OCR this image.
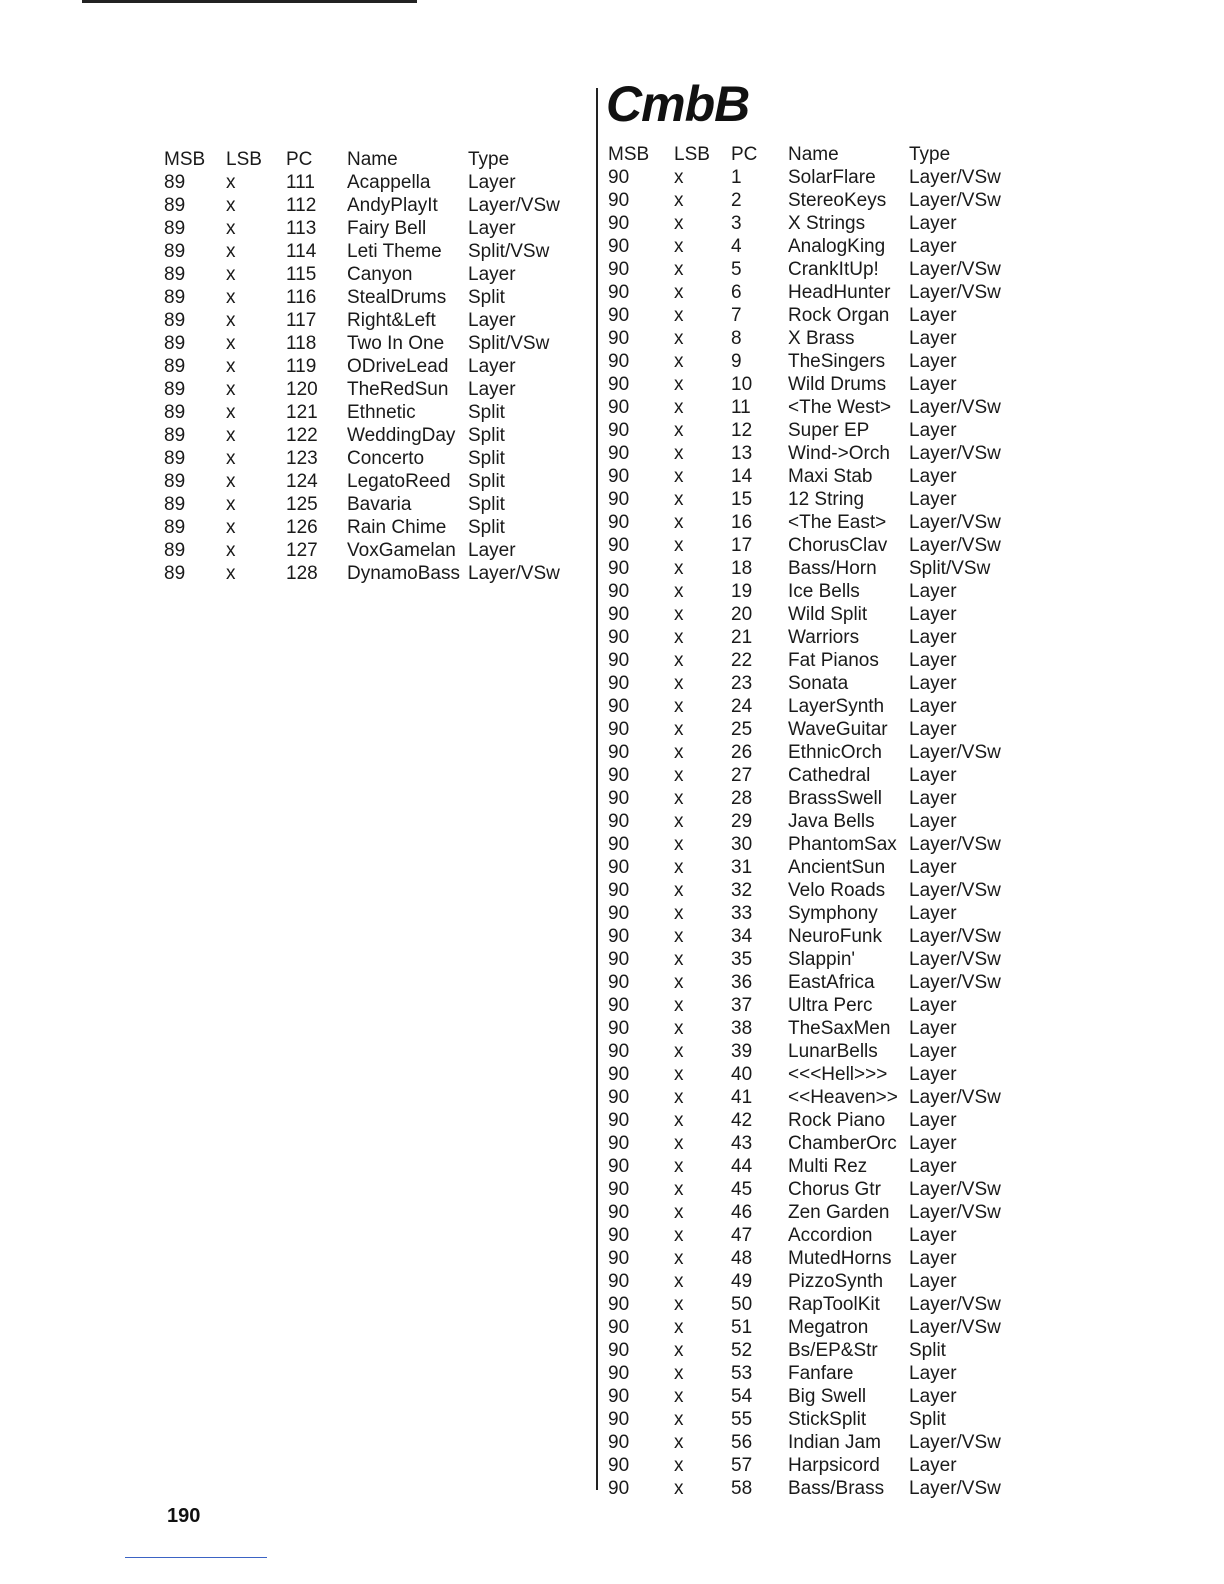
CmbB
MSB	LSB	PC	Name	Type
89	x	111	Acappella	Layer
89	x	112	AndyPlayIt	Layer/VSw
89	x	113	Fairy Bell	Layer
89	x	114	Leti Theme	Split/VSw
89	x	115	Canyon	Layer
89	x	116	StealDrums	Split
89	x	117	Right&Left	Layer
89	x	118	Two In One	Split/VSw
89	x	119	ODriveLead	Layer
89	x	120	TheRedSun	Layer
89	x	121	Ethnetic	Split
89	x	122	WeddingDay	Split
89	x	123	Concerto	Split
89	x	124	LegatoReed	Split
89	x	125	Bavaria	Split
89	x	126	Rain Chime	Split
89	x	127	VoxGamelan	Layer
89	x	128	DynamoBass	Layer/VSw
MSB	LSB	PC	Name	Type
90	x	1	SolarFlare	Layer/VSw
90	x	2	StereoKeys	Layer/VSw
90	x	3	X Strings	Layer
90	x	4	AnalogKing	Layer
90	x	5	CrankItUp!	Layer/VSw
90	x	6	HeadHunter	Layer/VSw
90	x	7	Rock Organ	Layer
90	x	8	X Brass	Layer
90	x	9	TheSingers	Layer
90	x	10	Wild Drums	Layer
90	x	11	<The West>	Layer/VSw
90	x	12	Super EP	Layer
90	x	13	Wind->Orch	Layer/VSw
90	x	14	Maxi Stab	Layer
90	x	15	12 String	Layer
90	x	16	<The East>	Layer/VSw
90	x	17	ChorusClav	Layer/VSw
90	x	18	Bass/Horn	Split/VSw
90	x	19	Ice Bells	Layer
90	x	20	Wild Split	Layer
90	x	21	Warriors	Layer
90	x	22	Fat Pianos	Layer
90	x	23	Sonata	Layer
90	x	24	LayerSynth	Layer
90	x	25	WaveGuitar	Layer
90	x	26	EthnicOrch	Layer/VSw
90	x	27	Cathedral	Layer
90	x	28	BrassSwell	Layer
90	x	29	Java Bells	Layer
90	x	30	PhantomSax	Layer/VSw
90	x	31	AncientSun	Layer
90	x	32	Velo Roads	Layer/VSw
90	x	33	Symphony	Layer
90	x	34	NeuroFunk	Layer/VSw
90	x	35	Slappin'	Layer/VSw
90	x	36	EastAfrica	Layer/VSw
90	x	37	Ultra Perc	Layer
90	x	38	TheSaxMen	Layer
90	x	39	LunarBells	Layer
90	x	40	<<<Hell>>>	Layer
90	x	41	<<Heaven>>	Layer/VSw
90	x	42	Rock Piano	Layer
90	x	43	ChamberOrc	Layer
90	x	44	Multi Rez	Layer
90	x	45	Chorus Gtr	Layer/VSw
90	x	46	Zen Garden	Layer/VSw
90	x	47	Accordion	Layer
90	x	48	MutedHorns	Layer
90	x	49	PizzoSynth	Layer
90	x	50	RapToolKit	Layer/VSw
90	x	51	Megatron	Layer/VSw
90	x	52	Bs/EP&Str	Split
90	x	53	Fanfare	Layer
90	x	54	Big Swell	Layer
90	x	55	StickSplit	Split
90	x	56	Indian Jam	Layer/VSw
90	x	57	Harpsicord	Layer
90	x	58	Bass/Brass	Layer/VSw
190
